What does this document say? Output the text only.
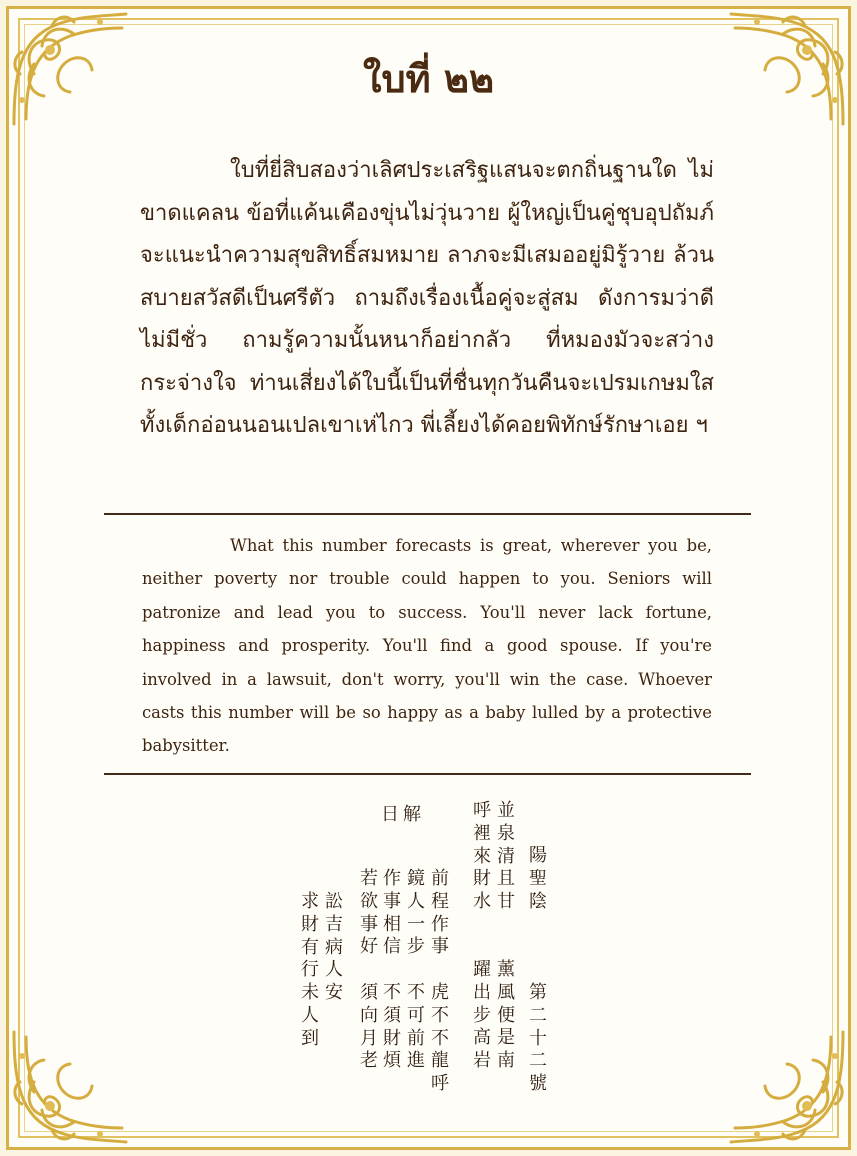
ใบที่ ๒๒
ใบที่ยี่สิบสองว่าเลิศประเสริฐแสนจะตกถิ่นฐานใด ไม่ขาดแคลน ข้อที่แค้นเคืองขุ่นไม่วุ่นวาย ผู้ใหญ่เป็นคู่ชุบอุปถัมภ์ จะแนะนำความสุขสิทธิ์สมหมาย ลาภจะมีเสมออยู่มิรู้วาย ล้วนสบายสวัสดีเป็นศรีตัว ถามถึงเรื่องเนื้อคู่จะสู่สม ดังการมว่าดีไม่มีชั่ว ถามรู้ความนั้นหนาก็อย่ากลัว ที่หมองมัวจะสว่างกระจ่างใจ ท่านเสี่ยงได้ใบนี้เป็นที่ชื่นทุกวันคืนจะเปรมเกษมใส ทั้งเด็กอ่อนนอนเปลเขาเห่ไกว พี่เลี้ยงได้คอยพิทักษ์รักษาเอย ฯ
What this number forecasts is great, wherever you be, neither poverty nor trouble could happen to you. Seniors will patronize and lead you to success. You'll never lack fortune, happiness and prosperity. You'll find a good spouse. If you're involved in a lawsuit, don't worry, you'll win the case. Whoever casts this number will be so happy as a baby lulled by a protective babysitter.
日解
第
二
十
二
號
陽
聖
陰
薰
風
便
是
南
躍
出
步
高
岩
並
泉
清
且
甘
呼
裡
來
財
水
虎
不
不
龍
呼
前
程
作
事
鏡
人
一
步
不
可
前
進
作
事
相
信
若
欲
事
好
須
向
月
老
不
須
財
煩
訟
吉
病
人
安
求
財
有
行
未
人
到
